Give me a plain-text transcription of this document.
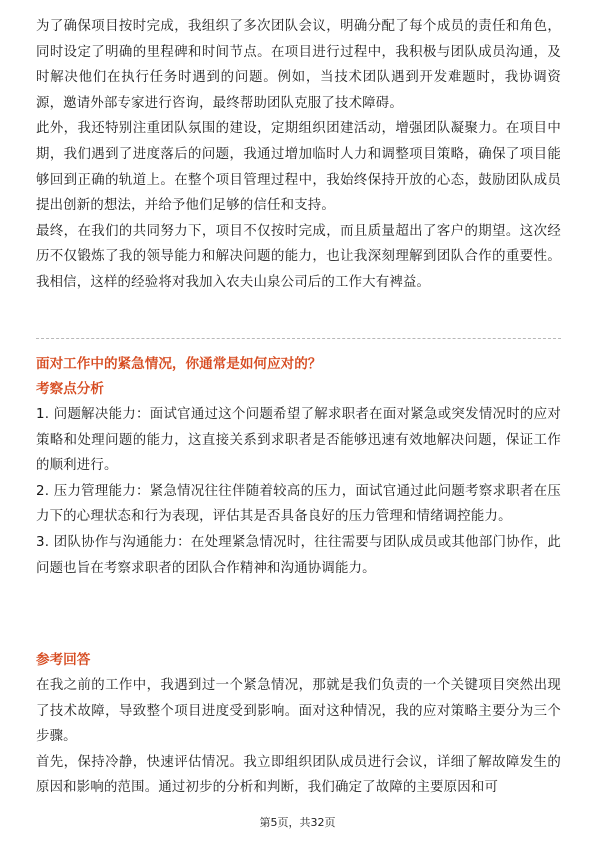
为了确保项目按时完成，我组织了多次团队会议，明确分配了每个成员的责任和角色，同时设定了明确的里程碑和时间节点。在项目进行过程中，我积极与团队成员沟通，及时解决他们在执行任务时遇到的问题。例如，当技术团队遇到开发难题时，我协调资源，邀请外部专家进行咨询，最终帮助团队克服了技术障碍。

此外，我还特别注重团队氛围的建设，定期组织团建活动，增强团队凝聚力。在项目中期，我们遇到了进度落后的问题，我通过增加临时人力和调整项目策略，确保了项目能够回到正确的轨道上。在整个项目管理过程中，我始终保持开放的心态，鼓励团队成员提出创新的想法，并给予他们足够的信任和支持。

最终，在我们的共同努力下，项目不仅按时完成，而且质量超出了客户的期望。这次经历不仅锻炼了我的领导能力和解决问题的能力，也让我深刻理解到团队合作的重要性。我相信，这样的经验将对我加入农夫山泉公司后的工作大有裨益。

面对工作中的紧急情况，你通常是如何应对的？

考察点分析

1. 问题解决能力：面试官通过这个问题希望了解求职者在面对紧急或突发情况时的应对策略和处理问题的能力，这直接关系到求职者是否能够迅速有效地解决问题，保证工作的顺利进行。

2. 压力管理能力：紧急情况往往伴随着较高的压力，面试官通过此问题考察求职者在压力下的心理状态和行为表现，评估其是否具备良好的压力管理和情绪调控能力。

3. 团队协作与沟通能力：在处理紧急情况时，往往需要与团队成员或其他部门协作，此问题也旨在考察求职者的团队合作精神和沟通协调能力。

参考回答

在我之前的工作中，我遇到过一个紧急情况，那就是我们负责的一个关键项目突然出现了技术故障，导致整个项目进度受到影响。面对这种情况，我的应对策略主要分为三个步骤。

首先，保持冷静，快速评估情况。我立即组织团队成员进行会议，详细了解故障发生的原因和影响的范围。通过初步的分析和判断，我们确定了故障的主要原因和可

第5页，共32页
